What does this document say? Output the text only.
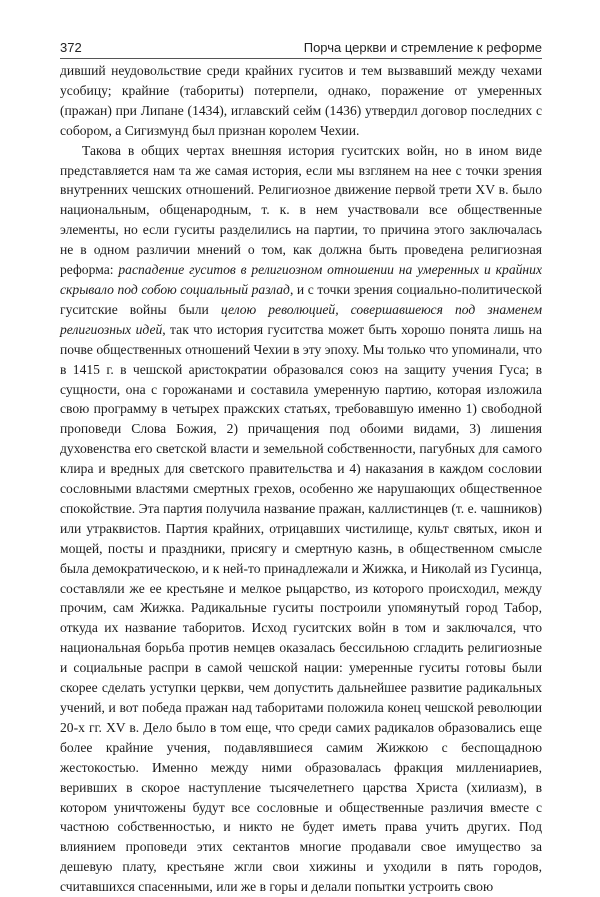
372	Порча церкви и стремление к реформе

дивший неудовольствие среди крайних гуситов и тем вызвавший между чехами усобицу; крайние (табориты) потерпели, однако, поражение от умеренных (пражан) при Липане (1434), иглавский сейм (1436) утвердил договор последних с собором, а Сигизмунд был признан королем Чехии.

Такова в общих чертах внешняя история гуситских войн, но в ином виде представляется нам та же самая история, если мы взглянем на нее с точки зрения внутренних чешских отношений. Религиозное движение первой трети XV в. было национальным, общенародным, т. к. в нем участвовали все общественные элементы, но если гуситы разделились на партии, то причина этого заключалась не в одном различии мнений о том, как должна быть проведена религиозная реформа: распадение гуситов в религиозном отношении на умеренных и крайних скрывало под собою социальный разлад, и с точки зрения социально-политической гуситские войны были целою революцией, совершавшеюся под знаменем религиозных идей, так что история гуситства может быть хорошо понята лишь на почве общественных отношений Чехии в эту эпоху. Мы только что упоминали, что в 1415 г. в чешской аристократии образовался союз на защиту учения Гуса; в сущности, она с горожанами и составила умеренную партию, которая изложила свою программу в четырех пражских статьях, требовавшую именно 1) свободной проповеди Слова Божия, 2) причащения под обоими видами, 3) лишения духовенства его светской власти и земельной собственности, пагубных для самого клира и вредных для светского правительства и 4) наказания в каждом сословии сословными властями смертных грехов, особенно же нарушающих общественное спокойствие. Эта партия получила название пражан, каллистинцев (т. е. чашников) или утраквистов. Партия крайних, отрицавших чистилище, культ святых, икон и мощей, посты и праздники, присягу и смертную казнь, в общественном смысле была демократическою, и к ней-то принадлежали и Жижка, и Николай из Гусинца, составляли же ее крестьяне и мелкое рыцарство, из которого происходил, между прочим, сам Жижка. Радикальные гуситы построили упомянутый город Табор, откуда их название таборитов. Исход гуситских войн в том и заключался, что национальная борьба против немцев оказалась бессильною сгладить религиозные и социальные распри в самой чешской нации: умеренные гуситы готовы были скорее сделать уступки церкви, чем допустить дальнейшее развитие радикальных учений, и вот победа пражан над таборитами положила конец чешской революции 20-х гг. XV в. Дело было в том еще, что среди самих радикалов образовались еще более крайние учения, подавлявшиеся самим Жижкою с беспощадною жестокостью. Именно между ними образовалась фракция миллениариев, веривших в скорое наступление тысячелетнего царства Христа (хилиазм), в котором уничтожены будут все сословные и общественные различия вместе с частною собственностью, и никто не будет иметь права учить других. Под влиянием проповеди этих сектантов многие продавали свое имущество за дешевую плату, крестьяне жгли свои хижины и уходили в пять городов, считавшихся спасенными, или же в горы и делали попытки устроить свою
